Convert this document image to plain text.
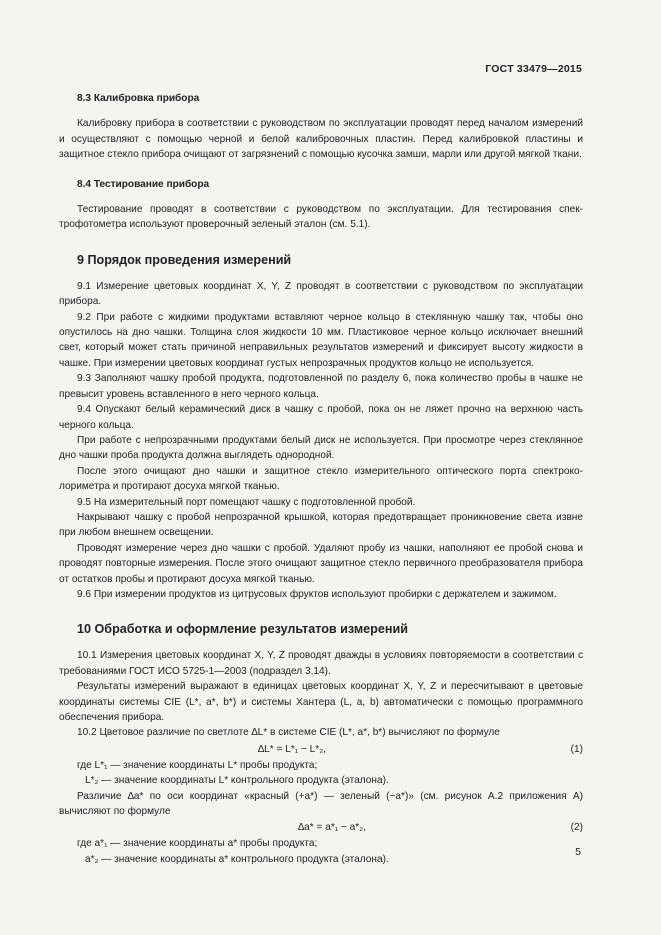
ГОСТ 33479—2015

8.3 Калибровка прибора

Калибровку прибора в соответствии с руководством по эксплуатации проводят перед началом измерений и осуществляют с помощью черной и белой калибровочных пластин. Перед калибровкой пластины и защитное стекло прибора очищают от загрязнений с помощью кусочка замши, марли или другой мягкой ткани.

8.4 Тестирование прибора

Тестирование проводят в соответствии с руководством по эксплуатации. Для тестирования спектрофотометра используют проверочный зеленый эталон (см. 5.1).

9 Порядок проведения измерений

9.1 Измерение цветовых координат X, Y, Z проводят в соответствии с руководством по эксплуатации прибора.

9.2 При работе с жидкими продуктами вставляют черное кольцо в стеклянную чашку так, чтобы оно опустилось на дно чашки. Толщина слоя жидкости 10 мм. Пластиковое черное кольцо исключает внешний свет, который может стать причиной неправильных результатов измерений и фиксирует высоту жидкости в чашке. При измерении цветовых координат густых непрозрачных продуктов кольцо не используется.

9.3 Заполняют чашку пробой продукта, подготовленной по разделу 6, пока количество пробы в чашке не превысит уровень вставленного в него черного кольца.

9.4 Опускают белый керамический диск в чашку с пробой, пока он не ляжет прочно на верхнюю часть черного кольца.

При работе с непрозрачными продуктами белый диск не используется. При просмотре через стеклянное дно чашки проба продукта должна выглядеть однородной.

После этого очищают дно чашки и защитное стекло измерительного оптического порта спектроколориметра и протирают досуха мягкой тканью.

9.5 На измерительный порт помещают чашку с подготовленной пробой.

Накрывают чашку с пробой непрозрачной крышкой, которая предотвращает проникновение света извне при любом внешнем освещении.

Проводят измерение через дно чашки с пробой. Удаляют пробу из чашки, наполняют ее пробой снова и проводят повторные измерения. После этого очищают защитное стекло первичного преобразователя прибора от остатков пробы и протирают досуха мягкой тканью.

9.6 При измерении продуктов из цитрусовых фруктов используют пробирки с держателем и зажимом.

10 Обработка и оформление результатов измерений

10.1 Измерения цветовых координат X, Y, Z проводят дважды в условиях повторяемости в соответствии с требованиями ГОСТ ИСО 5725-1—2003 (подраздел 3.14).

Результаты измерений выражают в единицах цветовых координат X, Y, Z и пересчитывают в цветовые координаты системы CIE (L*, a*, b*) и системы Хантера (L, a, b) автоматически с помощью программного обеспечения прибора.

10.2 Цветовое различие по светлоте ∆L* в системе CIE (L*, a*, b*) вычисляют по формуле

∆L* = L*₁ − L*₂,	(1)

где L*₁ — значение координаты L* пробы продукта;

L*₂ — значение координаты L* контрольного продукта (эталона).

Различие ∆a* по оси координат «красный (+a*) — зеленый (−a*)» (см. рисунок А.2 приложения А) вычисляют по формуле

∆a* = a*₁ − a*₂,	(2)

где a*₁ — значение координаты a* пробы продукта;

a*₂ — значение координаты a* контрольного продукта (эталона).

5
